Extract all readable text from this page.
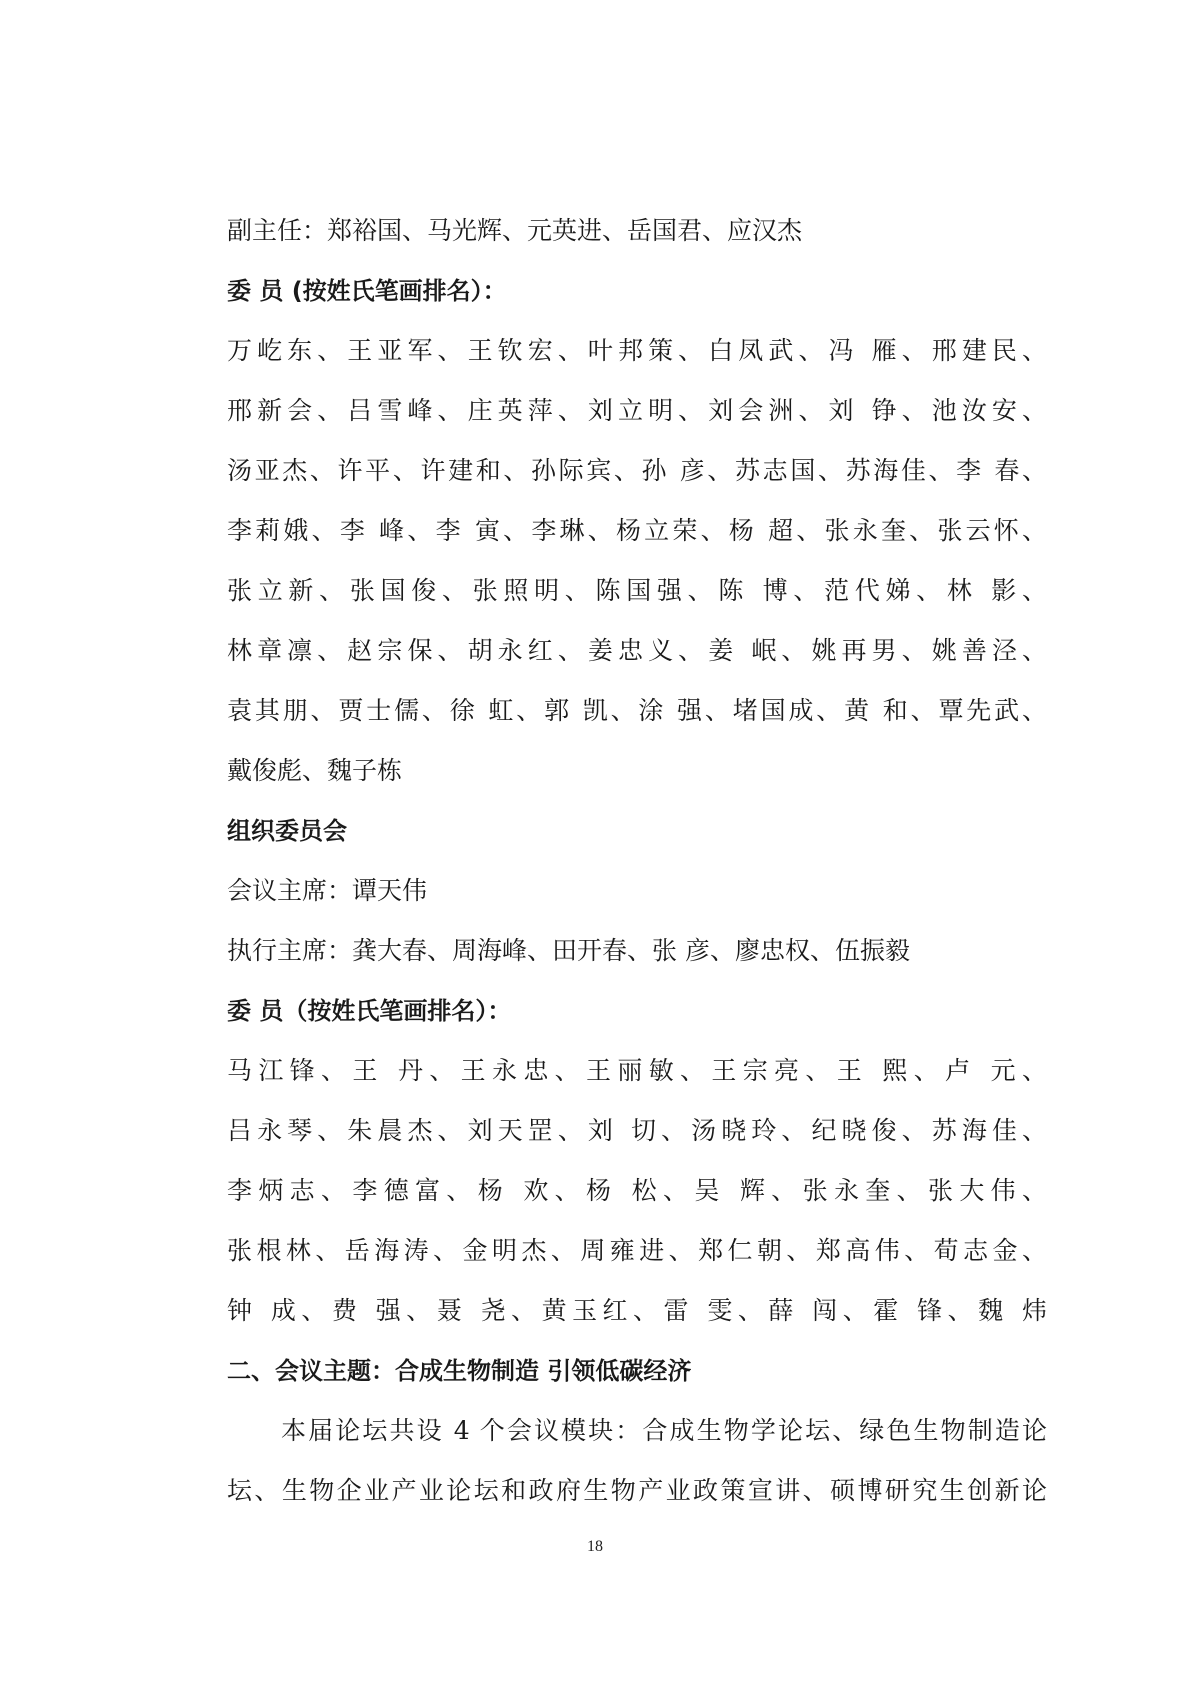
副主任：郑裕国、马光辉、元英进、岳国君、应汉杰
委 员 (按姓氏笔画排名）：
万屹东、王亚军、王钦宏、叶邦策、白凤武、冯 雁、邢建民、
邢新会、吕雪峰、庄英萍、刘立明、刘会洲、刘 铮、池汝安、
汤亚杰、许平、许建和、孙际宾、孙 彦、苏志国、苏海佳、李 春、
李莉娥、李 峰、李 寅、李琳、杨立荣、杨 超、张永奎、张云怀、
张立新、张国俊、张照明、陈国强、陈 博、范代娣、林 影、
林章凛、赵宗保、胡永红、姜忠义、姜 岷、姚再男、姚善泾、
袁其朋、贾士儒、徐 虹、郭 凯、涂 强、堵国成、黄 和、覃先武、
戴俊彪、魏子栋
组织委员会
会议主席：谭天伟
执行主席：龚大春、周海峰、田开春、张 彦、廖忠权、伍振毅
委 员（按姓氏笔画排名）：
马江锋、王 丹、王永忠、王丽敏、王宗亮、王 熙、卢 元、
吕永琴、朱晨杰、刘天罡、刘 切、汤晓玲、纪晓俊、苏海佳、
李炳志、李德富、杨 欢、杨 松、吴 辉、张永奎、张大伟、
张根林、岳海涛、金明杰、周雍进、郑仁朝、郑高伟、荀志金、
钟 成、费 强、聂 尧、黄玉红、雷 雯、薛 闯、霍 锋、魏 炜
二、会议主题：合成生物制造 引领低碳经济
本届论坛共设 4 个会议模块：合成生物学论坛、绿色生物制造论
坛、生物企业产业论坛和政府生物产业政策宣讲、硕博研究生创新论
18
